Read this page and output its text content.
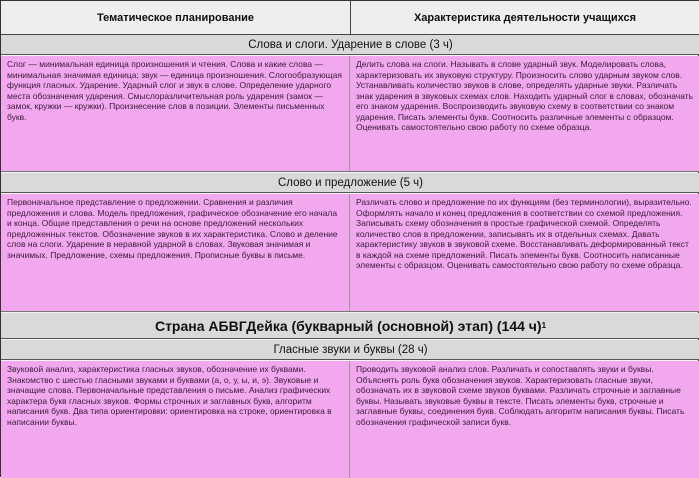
Тематическое планирование	Характеристика деятельности учащихся
Слова и слоги. Ударение в слове (3 ч)

Слог — минимальная единица произношения и чтения. Слова и какие слова — минимальная значимая единица; звук — единица произношения. Слогообразующая функция гласных. Ударение. Ударный слог и звук в слове. Определение ударного места обозначения ударения. Смыслоразличительная роль ударения (замок — замок, кружки — кружки). Произнесение слов в позиции. Элементы письменных букв.

Делить слова на слоги. Называть в слове ударный звук. Моделировать слова, характеризовать их звуковую структуру. Произносить слово ударным звуком слов. Устанавливать количество звуков в слове, определять ударные звуки. Различать знак ударения в звуковых схемах слов. Находить ударный слог в словах, обозначать его знаком ударения. Воспроизводить звуковую схему в соответствии со знаком ударения. Писать элементы букв. Соотносить различные элементы с образцом. Оценивать самостоятельно свою работу по схеме образца.

Слово и предложение (5 ч)

Первоначальное представление о предложении. Сравнения и различия предложения и слова. Модель предложения, графическое обозначение его начала и конца. Общие представления о речи на основе предложений нескольких предложенных текстов. Обозначение звуков в их характеристика. Слово и деление слов на слоги. Ударение в неравной ударной в словах. Звуковая значимая и значимых. Предложение, схемы предложения. Прописные буквы в письме.

Различать слово и предложение по их функциям (без терминологии), выразительно. Оформлять начало и конец предложения в соответствии со схемой предложения. Записывать схему обозначения в простые графической схемой. Определять количество слов в предложении, записывать их в отдельных схемах. Давать характеристику звуков в звуковой схеме. Восстанавливать деформированный текст в каждой на схеме предложений. Писать элементы букв. Соотносить написанные элементы с образцом. Оценивать самостоятельно свою работу по схеме образца.

Страна АБВГДейка (букварный (основной) этап) (144 ч) 1
Гласные звуки и буквы (28 ч)

Звуковой анализ, характеристика гласных звуков, обозначение их буквами. Знакомство с шестью гласными звуками и буквами (а, о, у, ы, и, э). Звуковые и значащие слова. Первоначальные представления о письме. Анализ графических характера букв гласных звуков. Формы строчных и заглавных букв, алгоритм написания букв. Два типа ориентировки: ориентировка на строке, ориентировка в написании буквы.

Проводить звуковой анализ слов. Различать и сопоставлять звуки и буквы. Объяснять роль букв обозначения звуков. Характеризовать гласные звуки, обозначать их в звуковой схеме звуков буквами. Различать строчные и заглавные буквы. Называть звуковые буквы в тексте. Писать элементы букв, строчные и заглавные буквы, соединения букв. Соблюдать алгоритм написания буквы. Писать обозначения графической записи букв.
